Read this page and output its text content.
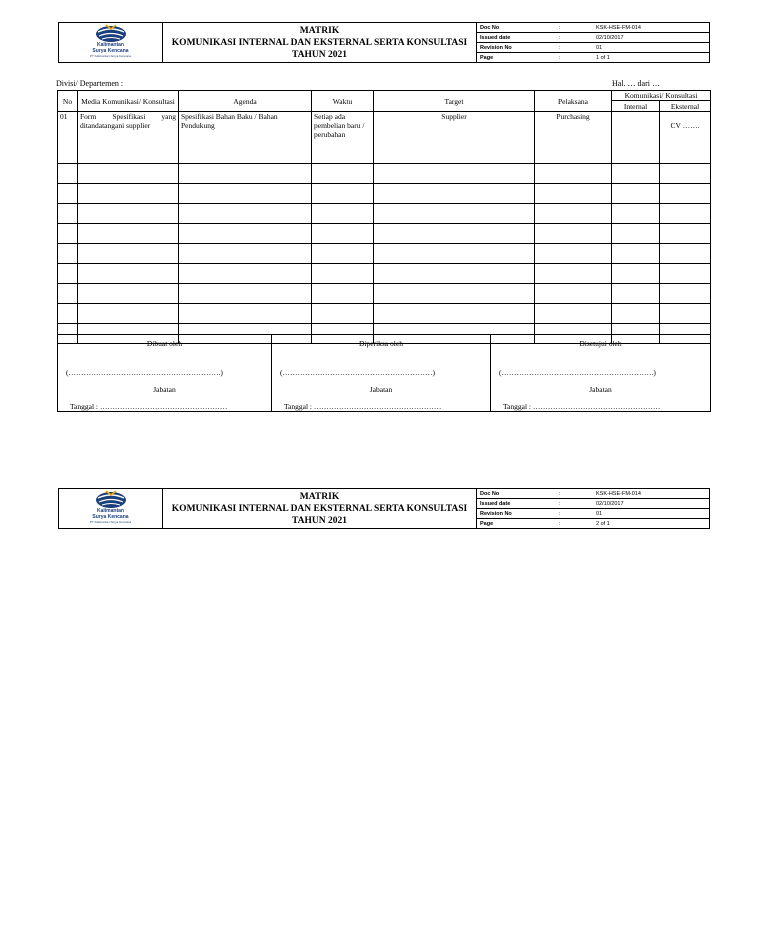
Kalimantan
Surya Kencana
PT Kalimantan Surya Kencana

MATRIK
KOMUNIKASI INTERNAL DAN EKSTERNAL SERTA KONSULTASI
TAHUN 2021

Doc No	:	KSK-HSE-FM-014
Issued date	:	02/10/2017
Revision No	:	01
Page	:	1 of 1
Divisi/ Departemen :	Hal. … dari …
No	Media Komunikasi/ Konsultasi	Agenda	Waktu	Target	Pelaksana	Komunikasi/ Konsultasi	
						Internal	Eksternal
01	Form Spesifikasi yang ditandatangani supplier	Spesifikasi Bahan Baku / Bahan Pendukung	Setiap ada pembelian baru / perubahan	Supplier	Purchasing		CV …….

Dibuat oleh
(…………………………………………………….)
Jabatan
Tanggal : ……………………………………………

Diperiksa oleh
(……………………………………………………)
Jabatan
Tanggal : ……………………………………………

Disetujui oleh
(…………………………………………………….)
Jabatan
Tanggal : ……………………………………………
Kalimantan
Surya Kencana
PT Kalimantan Surya Kencana

MATRIK
KOMUNIKASI INTERNAL DAN EKSTERNAL SERTA KONSULTASI
TAHUN 2021

Doc No	:	KSK-HSE-FM-014
Issued date	:	02/10/2017
Revision No	:	01
Page	:	2 of 1
